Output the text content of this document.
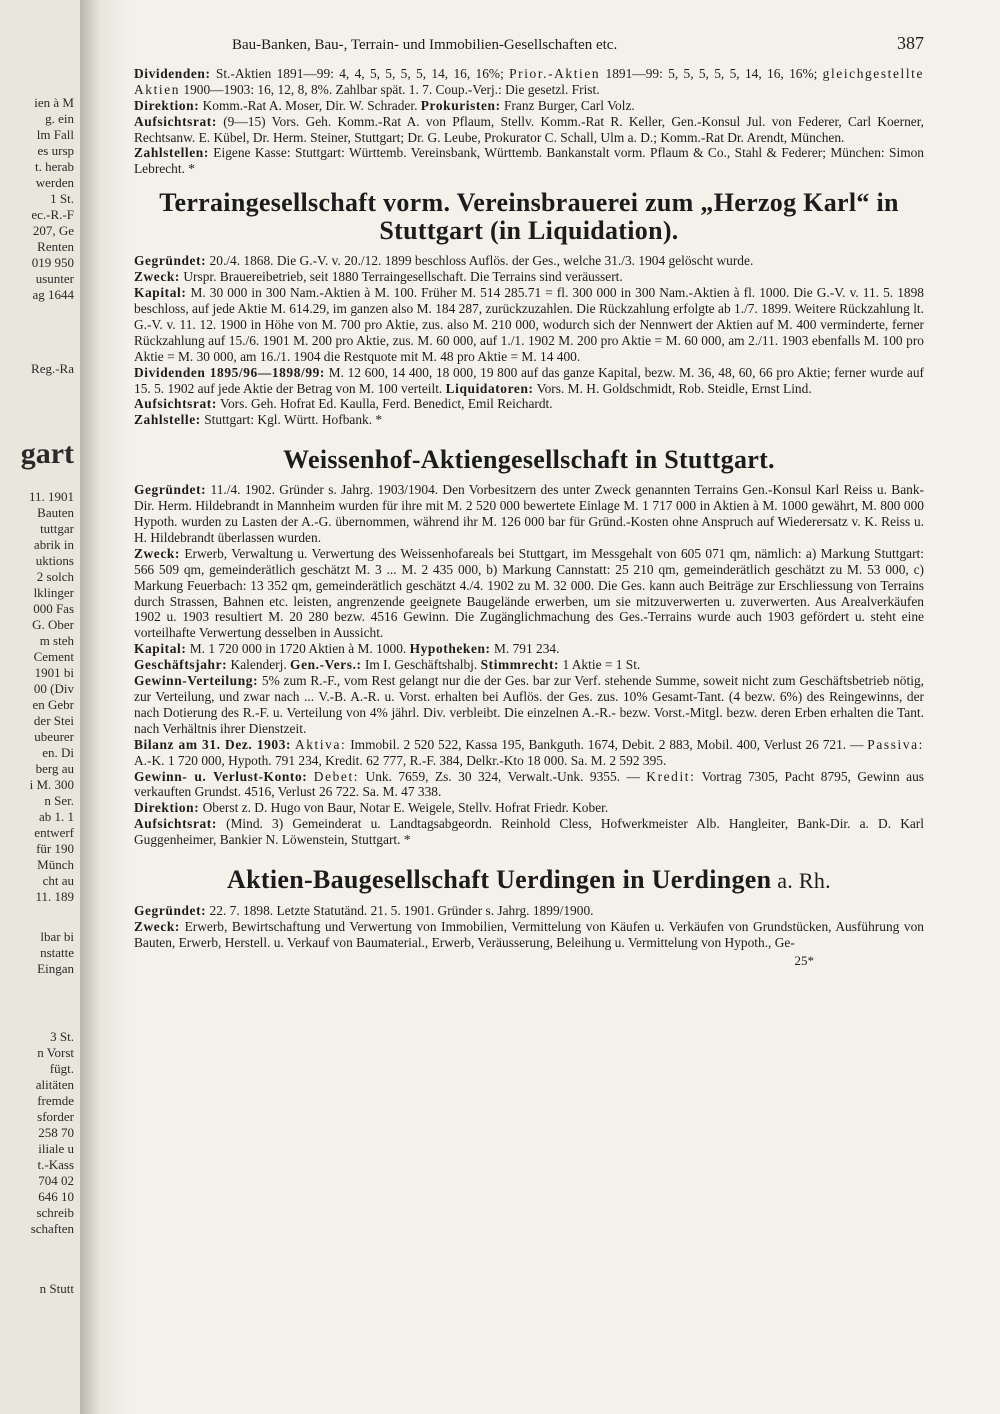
ien à M
g. ein
lm Fall
es ursp
t. herab
werden
1 St.
ec.-R.-F
207, Ge
Renten
019 950
usunter
ag 1644
Reg.-Ra
gart
11. 1901
Bauten
tuttgar
abrik in
uktions
2 solch
lklinger
000 Fas
G. Ober
m steh
Cement
1901 bi
00 (Div
en Gebr
der Stei
ubeurer
en. Di
berg au
i M. 300
n Ser.
ab 1. 1
entwerf
für 190
Münch
cht au
11. 189
lbar bi
nstatte
Eingan
3 St.
n Vorst
fügt.
alitäten
fremde
sforder
258 70
iliale u
t.-Kass
704 02
646 10
schreib
schaften
n Stutt
Bau-Banken, Bau-, Terrain- und Immobilien-Gesellschaften etc.	387

Dividenden: St.-Aktien 1891—99: 4, 4, 5, 5, 5, 5, 14, 16, 16%; Prior.-Aktien 1891—99: 5, 5, 5, 5, 5, 14, 16, 16%; gleichgestellte Aktien 1900—1903: 16, 12, 8, 8%. Zahlbar spät. 1. 7. Coup.-Verj.: Die gesetzl. Frist.

Direktion: Komm.-Rat A. Moser, Dir. W. Schrader. Prokuristen: Franz Burger, Carl Volz.

Aufsichtsrat: (9—15) Vors. Geh. Komm.-Rat A. von Pflaum, Stellv. Komm.-Rat R. Keller, Gen.-Konsul Jul. von Federer, Carl Koerner, Rechtsanw. E. Kübel, Dr. Herm. Steiner, Stuttgart; Dr. G. Leube, Prokurator C. Schall, Ulm a. D.; Komm.-Rat Dr. Arendt, München.

Zahlstellen: Eigene Kasse: Stuttgart: Württemb. Vereinsbank, Württemb. Bankanstalt vorm. Pflaum & Co., Stahl & Federer; München: Simon Lebrecht. *

Terraingesellschaft vorm. Vereinsbrauerei zum „Herzog Karl“ in Stuttgart (in Liquidation).

Gegründet: 20./4. 1868. Die G.-V. v. 20./12. 1899 beschloss Auflös. der Ges., welche 31./3. 1904 gelöscht wurde.

Zweck: Urspr. Brauereibetrieb, seit 1880 Terraingesellschaft. Die Terrains sind veräussert.

Kapital: M. 30 000 in 300 Nam.-Aktien à M. 100. Früher M. 514 285.71 = fl. 300 000 in 300 Nam.-Aktien à fl. 1000. Die G.-V. v. 11. 5. 1898 beschloss, auf jede Aktie M. 614.29, im ganzen also M. 184 287, zurückzuzahlen. Die Rückzahlung erfolgte ab 1./7. 1899. Weitere Rückzahlung lt. G.-V. v. 11. 12. 1900 in Höhe von M. 700 pro Aktie, zus. also M. 210 000, wodurch sich der Nennwert der Aktien auf M. 400 verminderte, ferner Rückzahlung auf 15./6. 1901 M. 200 pro Aktie, zus. M. 60 000, auf 1./1. 1902 M. 200 pro Aktie = M. 60 000, am 2./11. 1903 ebenfalls M. 100 pro Aktie = M. 30 000, am 16./1. 1904 die Restquote mit M. 48 pro Aktie = M. 14 400.

Dividenden 1895/96—1898/99: M. 12 600, 14 400, 18 000, 19 800 auf das ganze Kapital, bezw. M. 36, 48, 60, 66 pro Aktie; ferner wurde auf 15. 5. 1902 auf jede Aktie der Betrag von M. 100 verteilt. Liquidatoren: Vors. M. H. Goldschmidt, Rob. Steidle, Ernst Lind.

Aufsichtsrat: Vors. Geh. Hofrat Ed. Kaulla, Ferd. Benedict, Emil Reichardt.

Zahlstelle: Stuttgart: Kgl. Württ. Hofbank. *

Weissenhof-Aktiengesellschaft in Stuttgart.

Gegründet: 11./4. 1902. Gründer s. Jahrg. 1903/1904. Den Vorbesitzern des unter Zweck genannten Terrains Gen.-Konsul Karl Reiss u. Bank-Dir. Herm. Hildebrandt in Mannheim wurden für ihre mit M. 2 520 000 bewertete Einlage M. 1 717 000 in Aktien à M. 1000 gewährt, M. 800 000 Hypoth. wurden zu Lasten der A.-G. übernommen, während ihr M. 126 000 bar für Gründ.-Kosten ohne Anspruch auf Wiederersatz v. K. Reiss u. H. Hildebrandt überlassen wurden.

Zweck: Erwerb, Verwaltung u. Verwertung des Weissenhofareals bei Stuttgart, im Messgehalt von 605 071 qm, nämlich: a) Markung Stuttgart: 566 509 qm, gemeinderätlich geschätzt M. 3 ... M. 2 435 000, b) Markung Cannstatt: 25 210 qm, gemeinderätlich geschätzt zu M. 53 000, c) Markung Feuerbach: 13 352 qm, gemeinderätlich geschätzt 4./4. 1902 zu M. 32 000. Die Ges. kann auch Beiträge zur Erschliessung von Terrains durch Strassen, Bahnen etc. leisten, angrenzende geeignete Baugelände erwerben, um sie mitzuverwerten u. zuverwerten. Aus Arealverkäufen 1902 u. 1903 resultiert M. 20 280 bezw. 4516 Gewinn. Die Zugänglichmachung des Ges.-Terrains wurde auch 1903 gefördert u. steht eine vorteilhafte Verwertung desselben in Aussicht.

Kapital: M. 1 720 000 in 1720 Aktien à M. 1000. Hypotheken: M. 791 234.

Geschäftsjahr: Kalenderj. Gen.-Vers.: Im I. Geschäftshalbj. Stimmrecht: 1 Aktie = 1 St.

Gewinn-Verteilung: 5% zum R.-F., vom Rest gelangt nur die der Ges. bar zur Verf. stehende Summe, soweit nicht zum Geschäftsbetrieb nötig, zur Verteilung, und zwar nach ... V.-B. A.-R. u. Vorst. erhalten bei Auflös. der Ges. zus. 10% Gesamt-Tant. (4 bezw. 6%) des Reingewinns, der nach Dotierung des R.-F. u. Verteilung von 4% jährl. Div. verbleibt. Die einzelnen A.-R.- bezw. Vorst.-Mitgl. bezw. deren Erben erhalten die Tant. nach Verhältnis ihrer Dienstzeit.

Bilanz am 31. Dez. 1903: Aktiva: Immobil. 2 520 522, Kassa 195, Bankguth. 1674, Debit. 2 883, Mobil. 400, Verlust 26 721. — Passiva: A.-K. 1 720 000, Hypoth. 791 234, Kredit. 62 777, R.-F. 384, Delkr.-Kto 18 000. Sa. M. 2 592 395.

Gewinn- u. Verlust-Konto: Debet: Unk. 7659, Zs. 30 324, Verwalt.-Unk. 9355. — Kredit: Vortrag 7305, Pacht 8795, Gewinn aus verkauften Grundst. 4516, Verlust 26 722. Sa. M. 47 338.

Direktion: Oberst z. D. Hugo von Baur, Notar E. Weigele, Stellv. Hofrat Friedr. Kober.

Aufsichtsrat: (Mind. 3) Gemeinderat u. Landtagsabgeordn. Reinhold Cless, Hofwerkmeister Alb. Hangleiter, Bank-Dir. a. D. Karl Guggenheimer, Bankier N. Löwenstein, Stuttgart. *

Aktien-Baugesellschaft Uerdingen in Uerdingen a. Rh.

Gegründet: 22. 7. 1898. Letzte Statutänd. 21. 5. 1901. Gründer s. Jahrg. 1899/1900.

Zweck: Erwerb, Bewirtschaftung und Verwertung von Immobilien, Vermittelung von Käufen u. Verkäufen von Grundstücken, Ausführung von Bauten, Erwerb, Herstell. u. Verkauf von Baumaterial., Erwerb, Veräusserung, Beleihung u. Vermittelung von Hypoth., Ge-

25*
